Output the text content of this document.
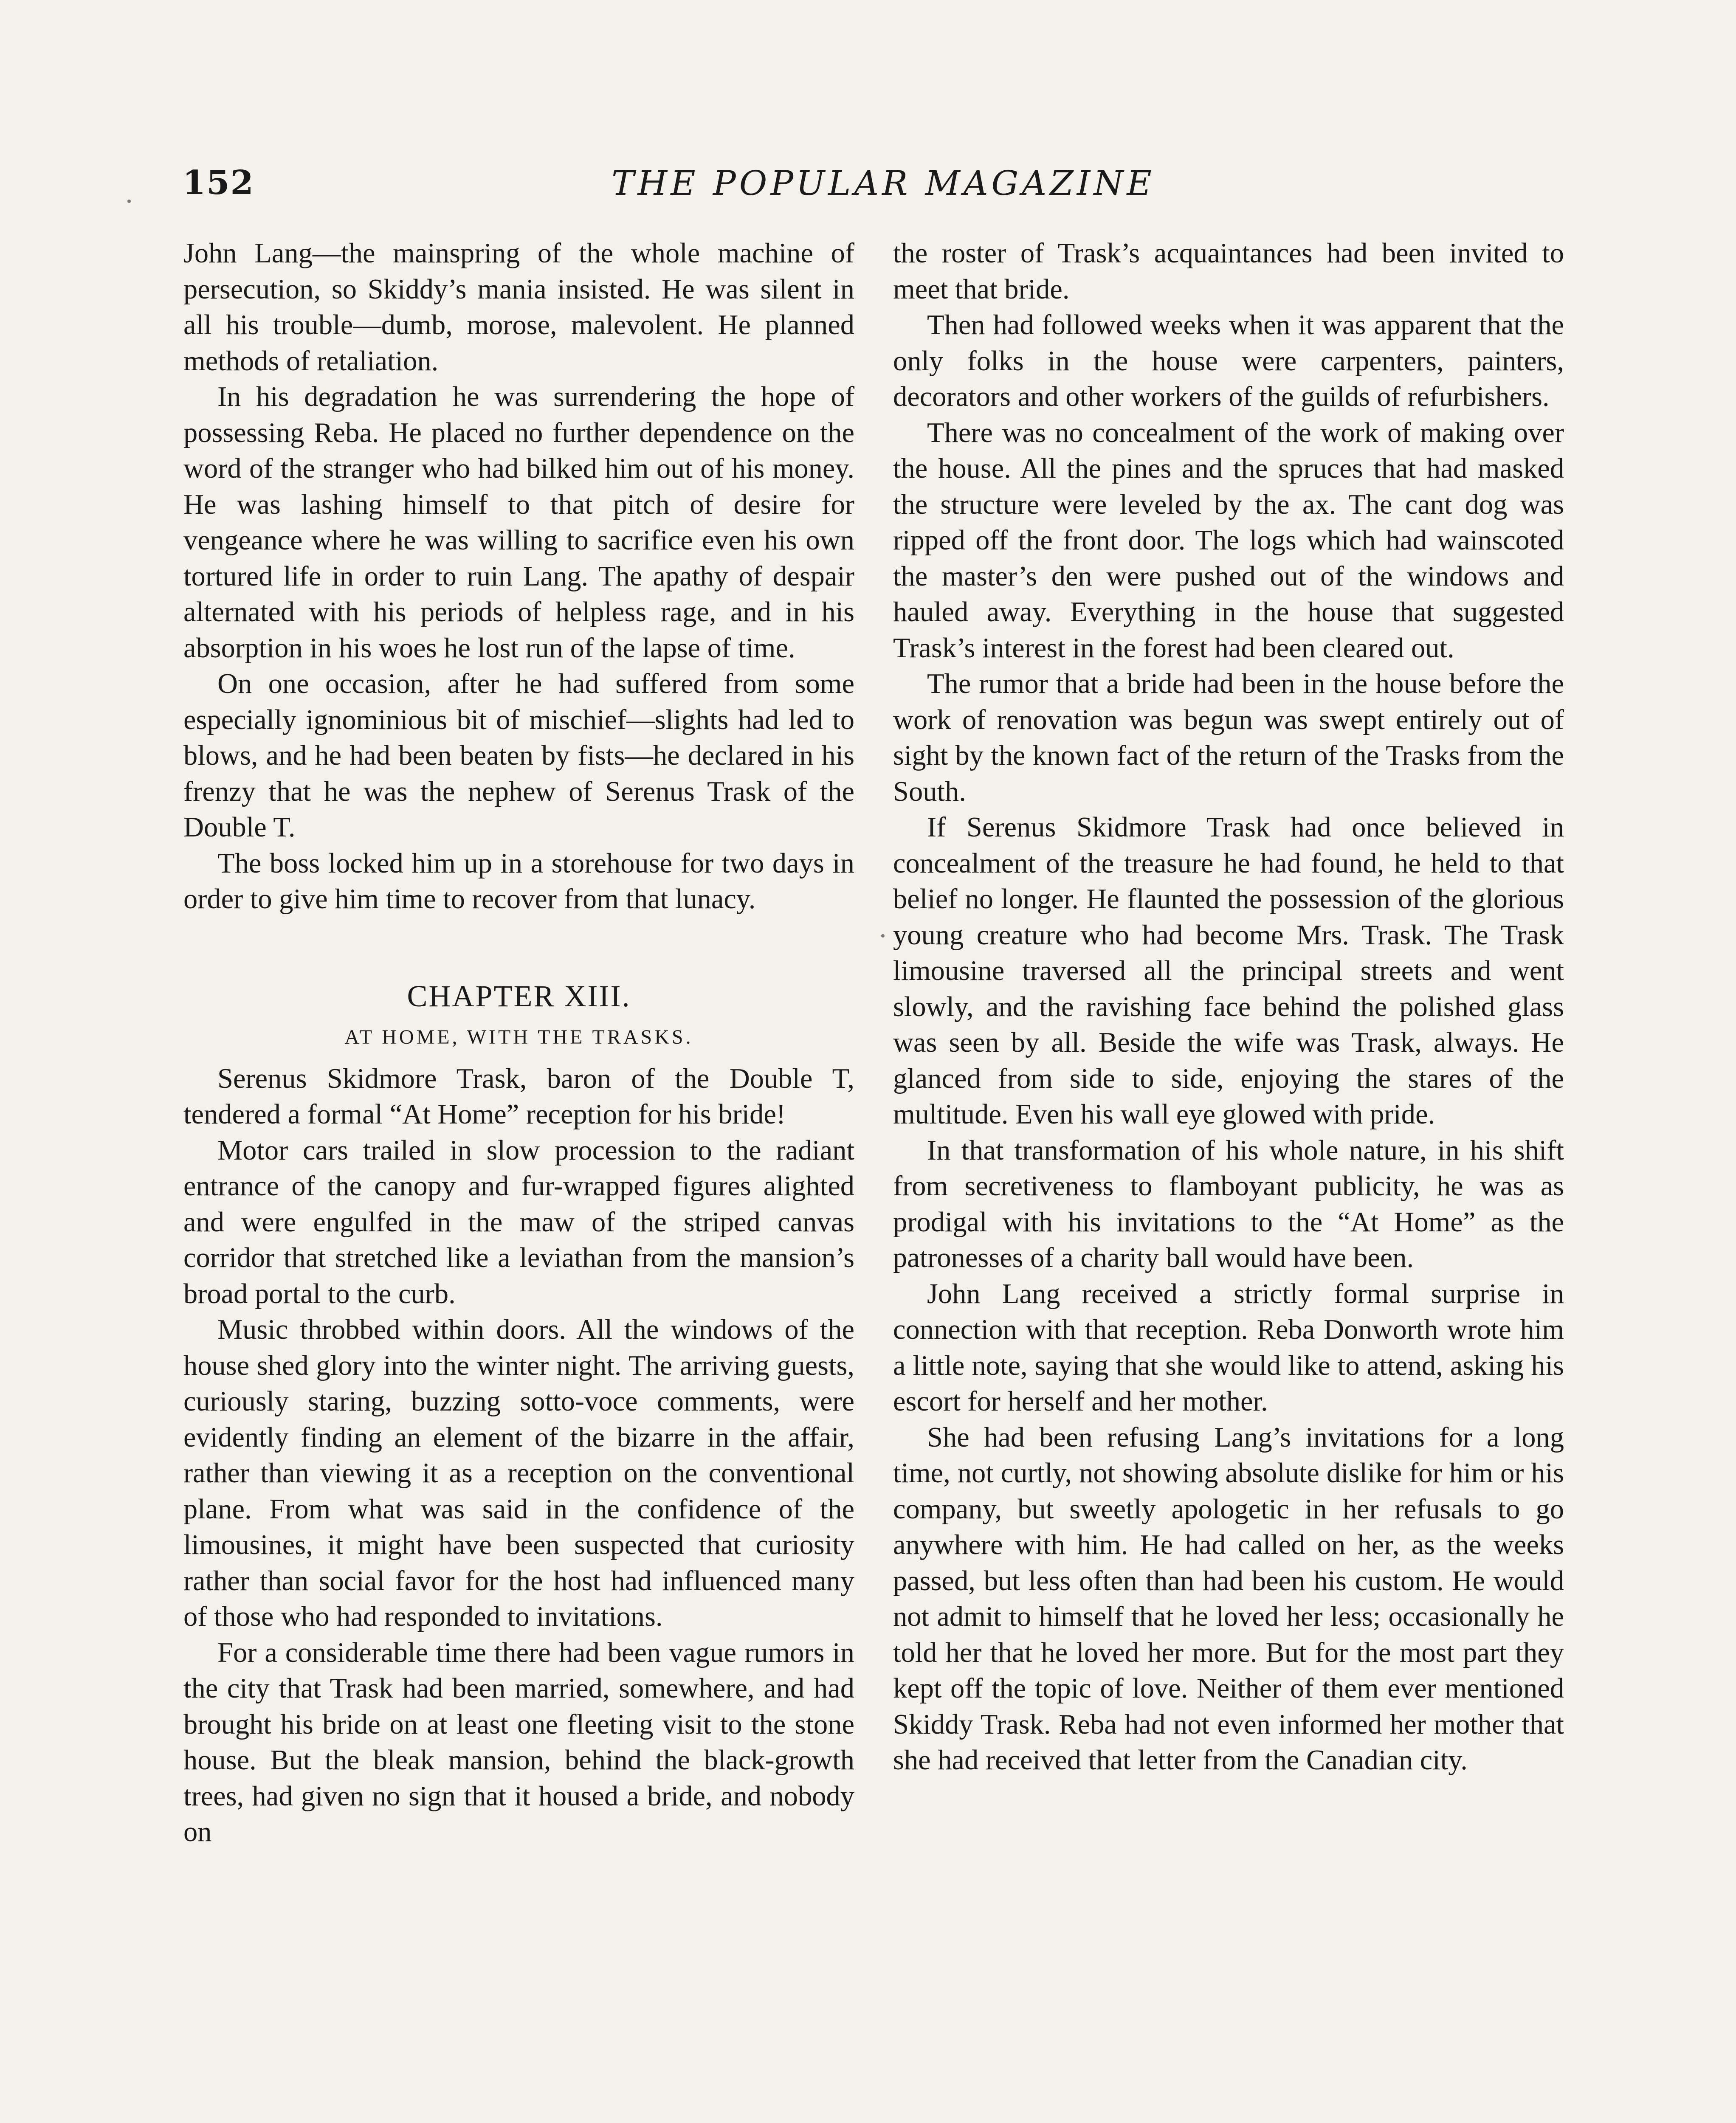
152	THE POPULAR MAGAZINE

John Lang—the mainspring of the whole machine of persecution, so Skiddy’s mania insisted. He was silent in all his trouble—dumb, morose, malevolent. He planned methods of retaliation.

In his degradation he was surrendering the hope of possessing Reba. He placed no further dependence on the word of the stranger who had bilked him out of his money. He was lashing himself to that pitch of desire for vengeance where he was willing to sacrifice even his own tortured life in order to ruin Lang. The apathy of despair alternated with his periods of helpless rage, and in his absorption in his woes he lost run of the lapse of time.

On one occasion, after he had suffered from some especially ignominious bit of mischief—slights had led to blows, and he had been beaten by fists—he declared in his frenzy that he was the nephew of Serenus Trask of the Double T.

The boss locked him up in a storehouse for two days in order to give him time to recover from that lunacy.

CHAPTER XIII.
AT HOME, WITH THE TRASKS.

Serenus Skidmore Trask, baron of the Double T, tendered a formal “At Home” reception for his bride!

Motor cars trailed in slow procession to the radiant entrance of the canopy and fur-wrapped figures alighted and were engulfed in the maw of the striped canvas corridor that stretched like a leviathan from the mansion’s broad portal to the curb.

Music throbbed within doors. All the windows of the house shed glory into the winter night. The arriving guests, curiously staring, buzzing sotto-voce comments, were evidently finding an element of the bizarre in the affair, rather than viewing it as a reception on the conventional plane. From what was said in the confidence of the limousines, it might have been suspected that curiosity rather than social favor for the host had influenced many of those who had responded to invitations.

For a considerable time there had been vague rumors in the city that Trask had been married, somewhere, and had brought his bride on at least one fleeting visit to the stone house. But the bleak mansion, behind the black-growth trees, had given no sign that it housed a bride, and nobody on

the roster of Trask’s acquaintances had been invited to meet that bride.

Then had followed weeks when it was apparent that the only folks in the house were carpenters, painters, decorators and other workers of the guilds of refurbishers.

There was no concealment of the work of making over the house. All the pines and the spruces that had masked the structure were leveled by the ax. The cant dog was ripped off the front door. The logs which had wainscoted the master’s den were pushed out of the windows and hauled away. Everything in the house that suggested Trask’s interest in the forest had been cleared out.

The rumor that a bride had been in the house before the work of renovation was begun was swept entirely out of sight by the known fact of the return of the Trasks from the South.

If Serenus Skidmore Trask had once believed in concealment of the treasure he had found, he held to that belief no longer. He flaunted the possession of the glorious young creature who had become Mrs. Trask. The Trask limousine traversed all the principal streets and went slowly, and the ravishing face behind the polished glass was seen by all. Beside the wife was Trask, always. He glanced from side to side, enjoying the stares of the multitude. Even his wall eye glowed with pride.

In that transformation of his whole nature, in his shift from secretiveness to flamboyant publicity, he was as prodigal with his invitations to the “At Home” as the patronesses of a charity ball would have been.

John Lang received a strictly formal surprise in connection with that reception. Reba Donworth wrote him a little note, saying that she would like to attend, asking his escort for herself and her mother.

She had been refusing Lang’s invitations for a long time, not curtly, not showing absolute dislike for him or his company, but sweetly apologetic in her refusals to go anywhere with him. He had called on her, as the weeks passed, but less often than had been his custom. He would not admit to himself that he loved her less; occasionally he told her that he loved her more. But for the most part they kept off the topic of love. Neither of them ever mentioned Skiddy Trask. Reba had not even informed her mother that she had received that letter from the Canadian city.
